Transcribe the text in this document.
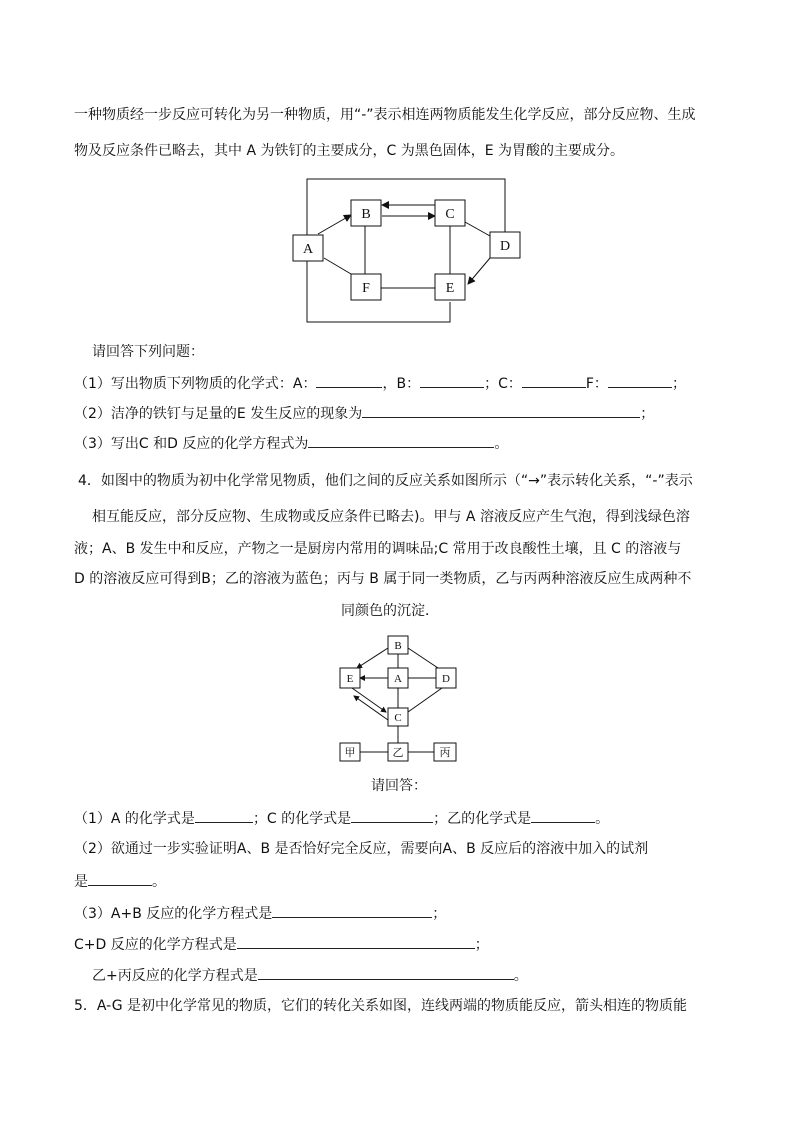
一种物质经一步反应可转化为另一种物质，用“-”表示相连两物质能发生化学反应，部分反应物、生成
物及反应条件已略去，其中 A 为铁钉的主要成分，C 为黑色固体，E 为胃酸的主要成分。
A
B	C
D
E
F
请回答下列问题：
（1）写出物质下列物质的化学式：A：	，B：	；C：	F：	；
（2）洁净的铁钉与足量的E 发生反应的现象为	；
（3）写出C 和D 反应的化学方程式为	。
4．如图中的物质为初中化学常见物质，他们之间的反应关系如图所示（“→”表示转化关系，“-”表示
相互能反应，部分反应物、生成物或反应条件已略去)。甲与 A 溶液反应产生气泡，得到浅绿色溶
液；A、B 发生中和反应，产物之一是厨房内常用的调味品;C 常用于改良酸性土壤，且 C 的溶液与
D 的溶液反应可得到B；乙的溶液为蓝色；丙与 B 属于同一类物质，乙与丙两种溶液反应生成两种不
同颜色的沉淀．
B
E	A	D
C
甲	乙	丙
请回答：
（1）A 的化学式是	；C 的化学式是	；乙的化学式是	。
（2）欲通过一步实验证明A、B 是否恰好完全反应，需要向A、B 反应后的溶液中加入的试剂
是	。
（3）A+B 反应的化学方程式是	；
C+D 反应的化学方程式是	；
乙+丙反应的化学方程式是	。
5．A-G 是初中化学常见的物质，它们的转化关系如图，连线两端的物质能反应，箭头相连的物质能
